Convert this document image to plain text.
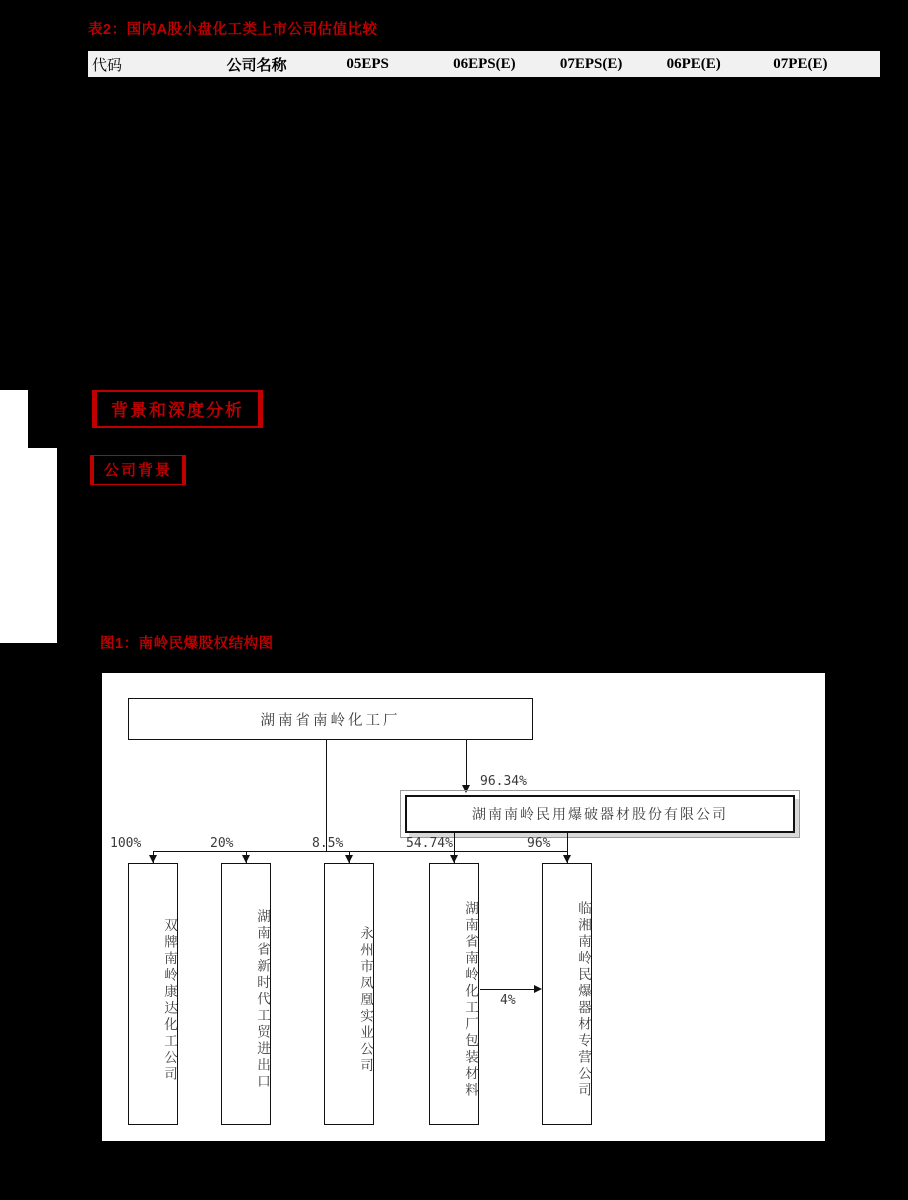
表2：国内A股小盘化工类上市公司估值比较
代码	公司名称	05EPS	06EPS(E)	07EPS(E)	06PE(E)	07PE(E)
背景和深度分析
公司背景
图1：南岭民爆股权结构图
湖南省南岭化工厂
96.34%
湖南南岭民用爆破器材股份有限公司
100%	20%	8.5%	54.74%	96%
双牌南岭康达化工公司	湖南省新时代工贸进出口	永州市凤凰实业公司	湖南省南岭化工厂包装材料	临湘南岭民爆器材专营公司
4%
